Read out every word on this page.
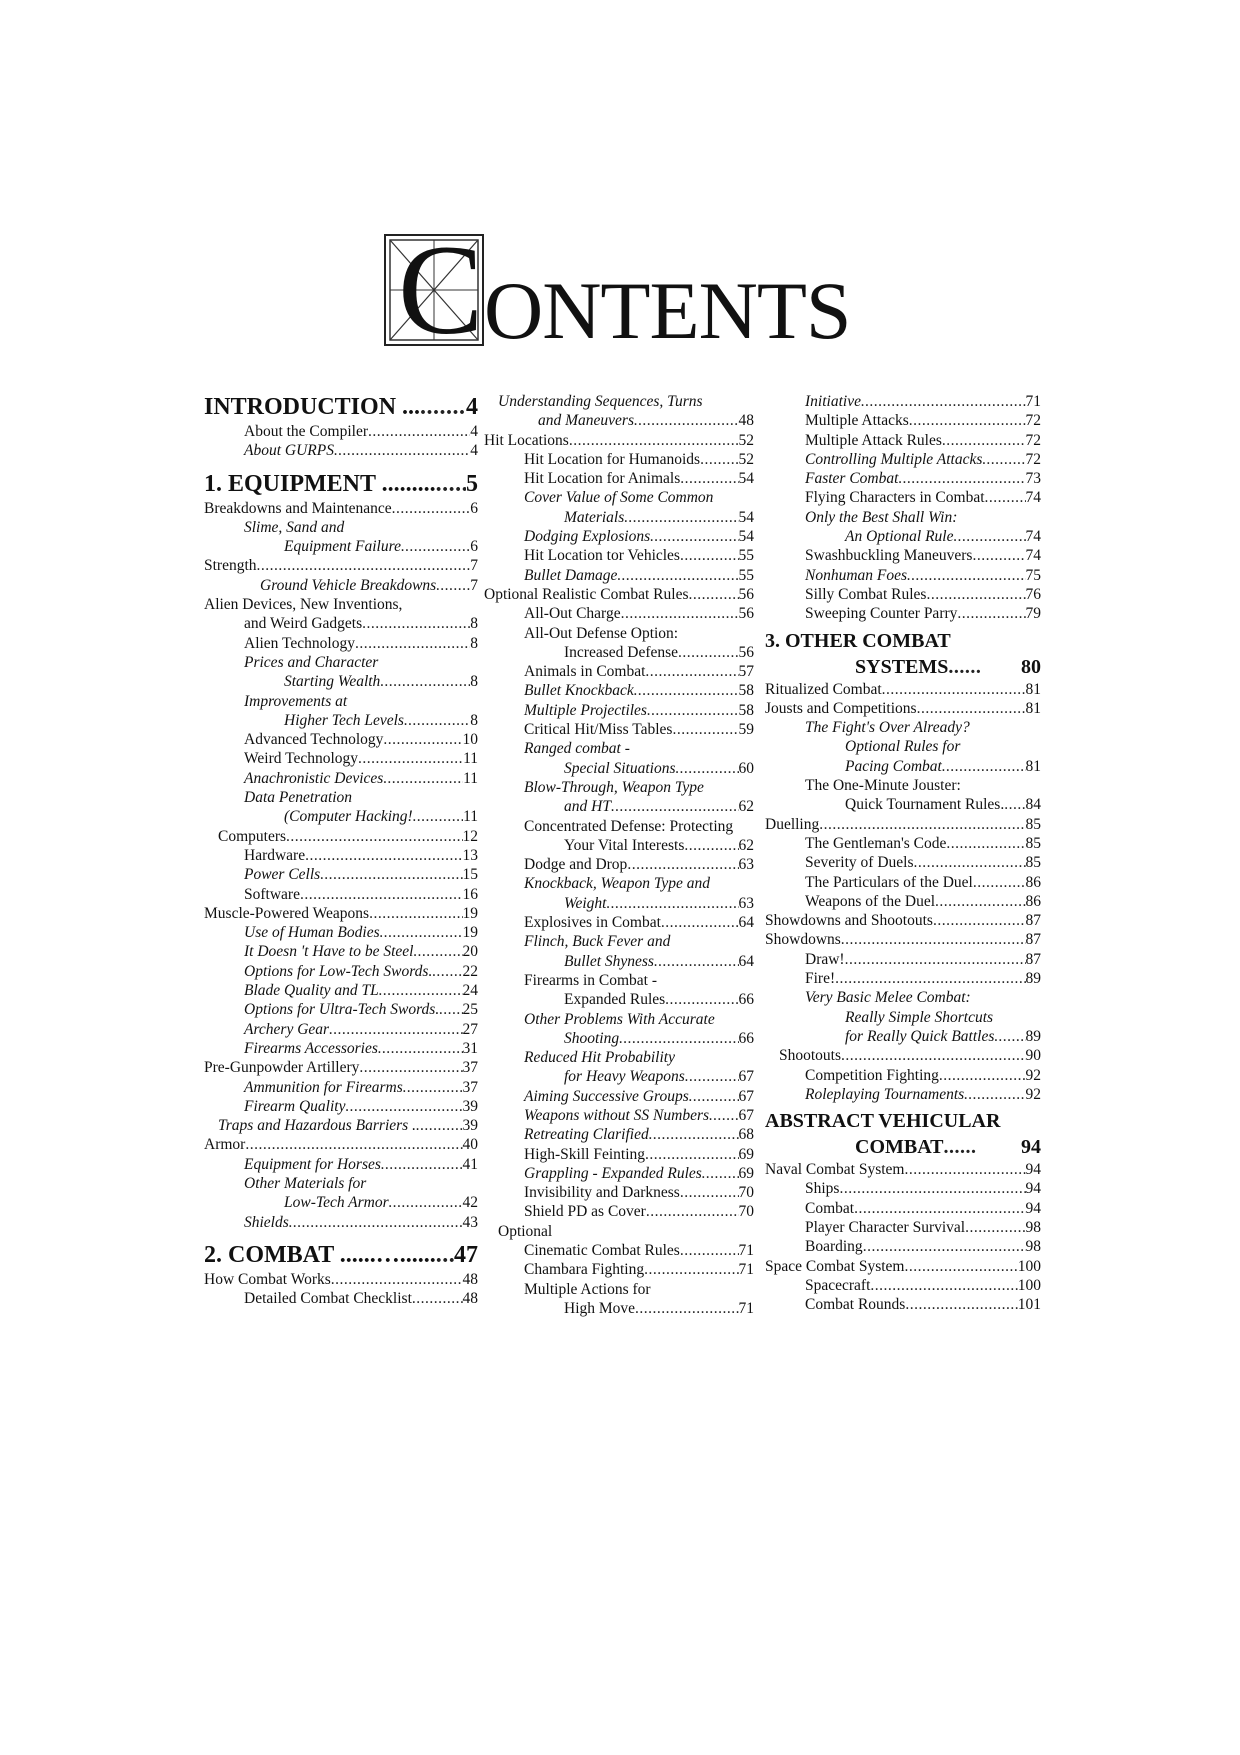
C ONTENTS
INTRODUCTION ... ..... 4
About the Compiler .....	4
About GURPS .....	4
1. EQUIPMENT ......... ..... 5
Breakdowns and Maintenance .....	6
Slime, Sand and
Equipment Failure .....	6
Strength .....	7
Ground Vehicle Breakdowns ..... 7
Alien Devices, New Inventions,
and Weird Gadgets .....	8
Alien Technology .....	8
Prices and Character
Starting Wealth .....	8
Improvements at
Higher Tech Levels .....	8
Advanced Technology .....	10
Weird Technology .....	11
Anachronistic Devices .....	11
Data Penetration
(Computer Hacking! .....	11
Computers .....	12
Hardware .....	13
Power Cells .....	15
Software .....	16
Muscle-Powered Weapons .....	19
Use of Human Bodies .....	19
It Doesn 't Have to be Steel .....	20
Options for Low-Tech Swords. ..... 22
Blade Quality and TL .....	24
Options for Ultra-Tech Swords. ..... 25
Archery Gear .....	27
Firearms Accessories .....	31
Pre-Gunpowder Artillery .....	37
Ammunition for Firearms .....	37
Firearm Quality .....	39
Traps and Hazardous Barriers . .....	39
Armor .....	40
Equipment for Horses .....	41
Other Materials for
Low-Tech Armor .....	42
Shields .....	43
2. COMBAT ......…...... ..... 47
How Combat Works .....	48
Detailed Combat Checklist .....	48
Understanding Sequences, Turns
and Maneuvers .....	48
Hit Locations .....	52
Hit Location for Humanoids ..... 52
Hit Location for Animals .....	54
Cover Value of Some Common
Materials .....	54
Dodging Explosions .....	54
Hit Location tor Vehicles .....	55
Bullet Damage .....	55
Optional Realistic Combat Rules .....	56
All-Out Charge .....	56
All-Out Defense Option:
Increased Defense .....	56
Animals in Combat .....	57
Bullet Knockback .....	58
Multiple Projectiles .....	58
Critical Hit/Miss Tables .....	59
Ranged combat -
Special Situations .....	60
Blow-Through, Weapon Type
and HT .....	62
Concentrated Defense: Protecting
Your Vital Interests .....	62
Dodge and Drop .....	63
Knockback, Weapon Type and
Weight .....	63
Explosives in Combat .....	64
Flinch, Buck Fever and
Bullet Shyness .....	64
Firearms in Combat -
Expanded Rules .....	66
Other Problems With Accurate
Shooting .....	66
Reduced Hit Probability
for Heavy Weapons .....	67
Aiming Successive Groups .....	67
Weapons without SS Numbers ..... 67
Retreating Clarified .....	68
High-Skill Feinting .....	69
Grappling - Expanded Rules ..... 69
Invisibility and Darkness .....	70
Shield PD as Cover .....	70
Optional
Cinematic Combat Rules .....	71
Chambara Fighting .....	71
Multiple Actions for
High Move .....	71
Initiative .....	71
Multiple Attacks .....	72
Multiple Attack Rules .....	72
Controlling Multiple Attacks .....	72
Faster Combat .....	73
Flying Characters in Combat .....	74
Only the Best Shall Win:
An Optional Rule .....	74
Swashbuckling Maneuvers .....	74
Nonhuman Foes .....	75
Silly Combat Rules .....	76
Sweeping Counter Parry .....	79
3. OTHER COMBAT
SYSTEMS ......	80
Ritualized Combat .....	81
Jousts and Competitions .....	81
The Fight's Over Already?
Optional Rules for
Pacing Combat .....	81
The One-Minute Jouster:
Quick Tournament Rules. ..... 84
Duelling .....	85
The Gentleman's Code .....	85
Severity of Duels .....	85
The Particulars of the Duel .....	86
Weapons of the Duel .....	86
Showdowns and Shootouts .....	87
Showdowns .....	87
Draw! .....	87
Fire! .....	89
Very Basic Melee Combat:
Really Simple Shortcuts
for Really Quick Battles ..... 89
Shootouts .....	90
Competition Fighting .....	92
Roleplaying Tournaments .....	92
ABSTRACT VEHICULAR
COMBAT ......	94
Naval Combat System .....	94
Ships .....	94
Combat .....	94
Player Character Survival .....	98
Boarding .....	98
Space Combat System .....	100
Spacecraft .....	100
Combat Rounds .....	101
